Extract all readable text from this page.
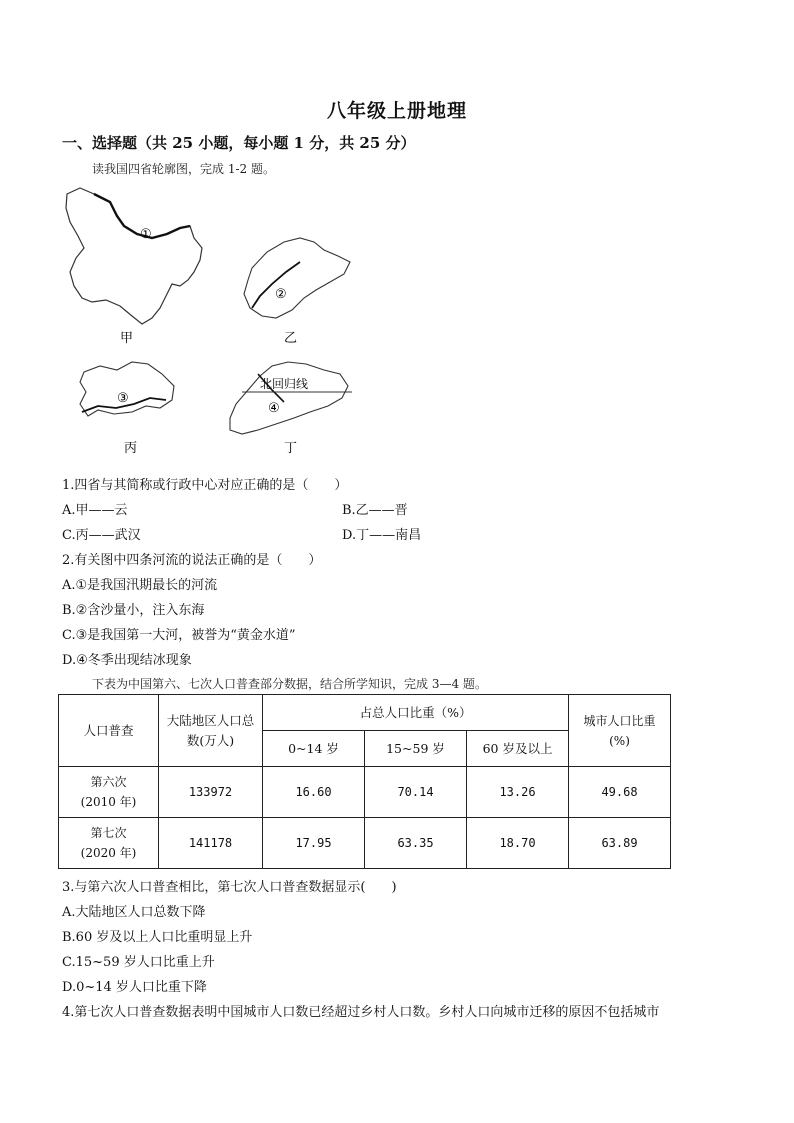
八年级上册地理
一、选择题（共 25 小题，每小题 1 分，共 25 分）
读我国四省轮廓图，完成 1-2 题。
①
甲
②
乙
③
丙
北回归线
④
丁
1.四省与其简称或行政中心对应正确的是（　　）
A.甲——云	B.乙——晋
C.丙——武汉	D.丁——南昌
2.有关图中四条河流的说法正确的是（　　）
A.①是我国汛期最长的河流
B.②含沙量小，注入东海
C.③是我国第一大河，被誉为“黄金水道”
D.④冬季出现结冰现象
下表为中国第六、七次人口普查部分数据，结合所学知识，完成 3—4 题。
人口普查	大陆地区人口总数(万人)	占总人口比重（%）			城市人口比重
(%)

		0~14 岁	15~59 岁	60 岁及以上	

第六次
(2010 年)	133972	16.60	70.14	13.26	49.68

第七次
(2020 年)	141178	17.95	63.35	18.70	63.89
3.与第六次人口普查相比，第七次人口普查数据显示(　　)
A.大陆地区人口总数下降
B.60 岁及以上人口比重明显上升
C.15~59 岁人口比重上升
D.0~14 岁人口比重下降
4.第七次人口普查数据表明中国城市人口数已经超过乡村人口数。乡村人口向城市迁移的原因不包括城市
